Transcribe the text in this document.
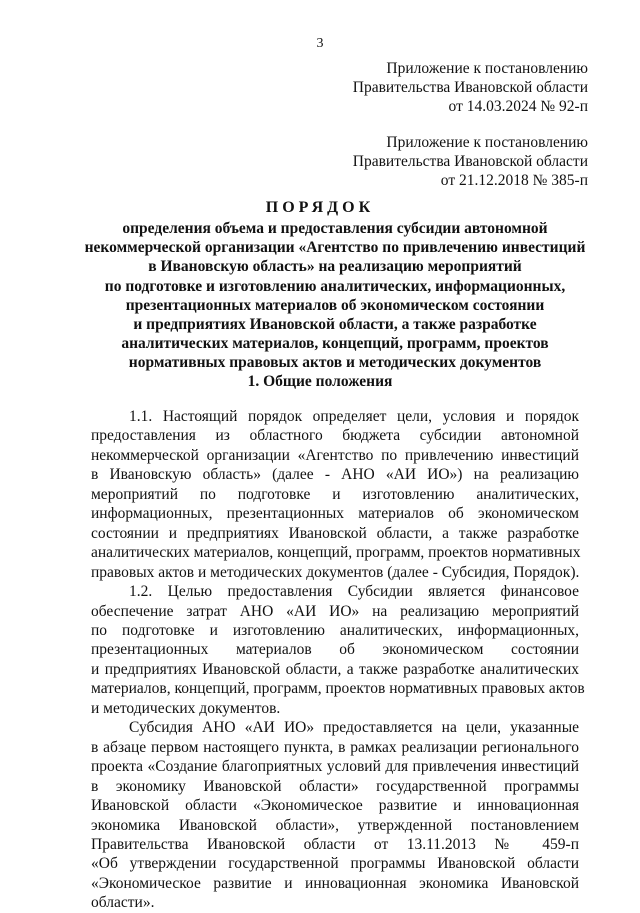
3
Приложение к постановлению
Правительства Ивановской области
от 14.03.2024 № 92-п
Приложение к постановлению
Правительства Ивановской области
от 21.12.2018 № 385-п
ПОРЯДОК
определения объема и предоставления субсидии автономной
некоммерческой организации «Агентство по привлечению инвестиций
в Ивановскую область» на реализацию мероприятий
по подготовке и изготовлению аналитических, информационных,
презентационных материалов об экономическом состоянии
и предприятиях Ивановской области, а также разработке
аналитических материалов, концепций, программ, проектов
нормативных правовых актов и методических документов
1. Общие положения

1.1. Настоящий порядок определяет цели, условия и порядок
предоставления из областного бюджета субсидии автономной
некоммерческой организации «Агентство по привлечению инвестиций
в Ивановскую область» (далее - АНО «АИ ИО») на реализацию
мероприятий по подготовке и изготовлению аналитических,
информационных, презентационных материалов об экономическом
состоянии и предприятиях Ивановской области, а также разработке
аналитических материалов, концепций, программ, проектов нормативных
правовых актов и методических документов (далее - Субсидия, Порядок).

1.2. Целью предоставления Субсидии является финансовое
обеспечение затрат АНО «АИ ИО» на реализацию мероприятий
по подготовке и изготовлению аналитических, информационных,
презентационных материалов об экономическом состоянии
и предприятиях Ивановской области, а также разработке аналитических
материалов, концепций, программ, проектов нормативных правовых актов
и методических документов.

Субсидия АНО «АИ ИО» предоставляется на цели, указанные
в абзаце первом настоящего пункта, в рамках реализации регионального
проекта «Создание благоприятных условий для привлечения инвестиций
в экономику Ивановской области» государственной программы
Ивановской области «Экономическое развитие и инновационная
экономика Ивановской области», утвержденной постановлением
Правительства Ивановской области от 13.11.2013 № 459-п
«Об утверждении государственной программы Ивановской области
«Экономическое развитие и инновационная экономика Ивановской
области».
